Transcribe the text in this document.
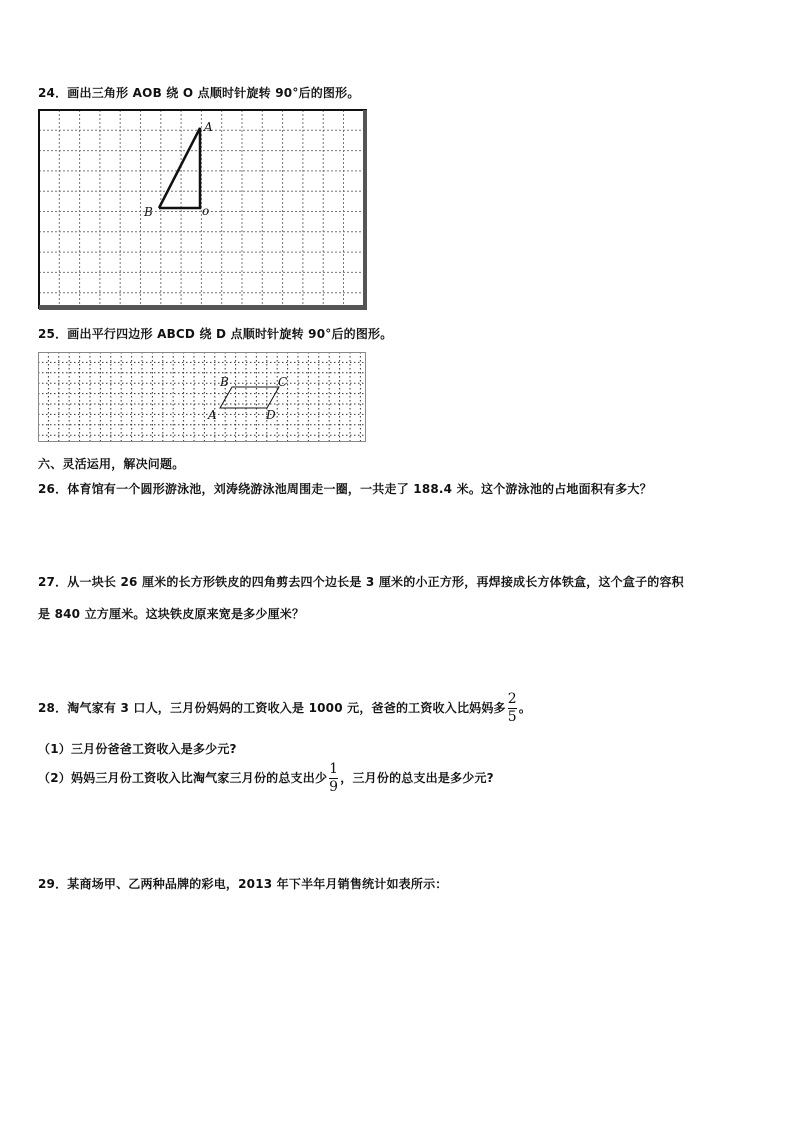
24．画出三角形 AOB 绕 O 点顺时针旋转 90°后的图形。
A
B	o
25．画出平行四边形 ABCD 绕 D 点顺时针旋转 90°后的图形。
B	C
A	D
六、灵活运用，解决问题。
26．体育馆有一个圆形游泳池，刘涛绕游泳池周围走一圈，一共走了 188.4 米。这个游泳池的占地面积有多大？
27．从一块长 26 厘米的长方形铁皮的四角剪去四个边长是 3 厘米的小正方形，再焊接成长方体铁盒，这个盒子的容积
是 840 立方厘米。这块铁皮原来宽是多少厘米？
28．淘气家有 3 口人，三月份妈妈的工资收入是 1000 元，爸爸的工资收入比妈妈多 $\frac{2}{5}$ 。
（1）三月份爸爸工资收入是多少元?
（2）妈妈三月份工资收入比淘气家三月份的总支出少 $\frac{1}{9}$ ，三月份的总支出是多少元?
29．某商场甲、乙两种品牌的彩电，2013 年下半年月销售统计如表所示：
